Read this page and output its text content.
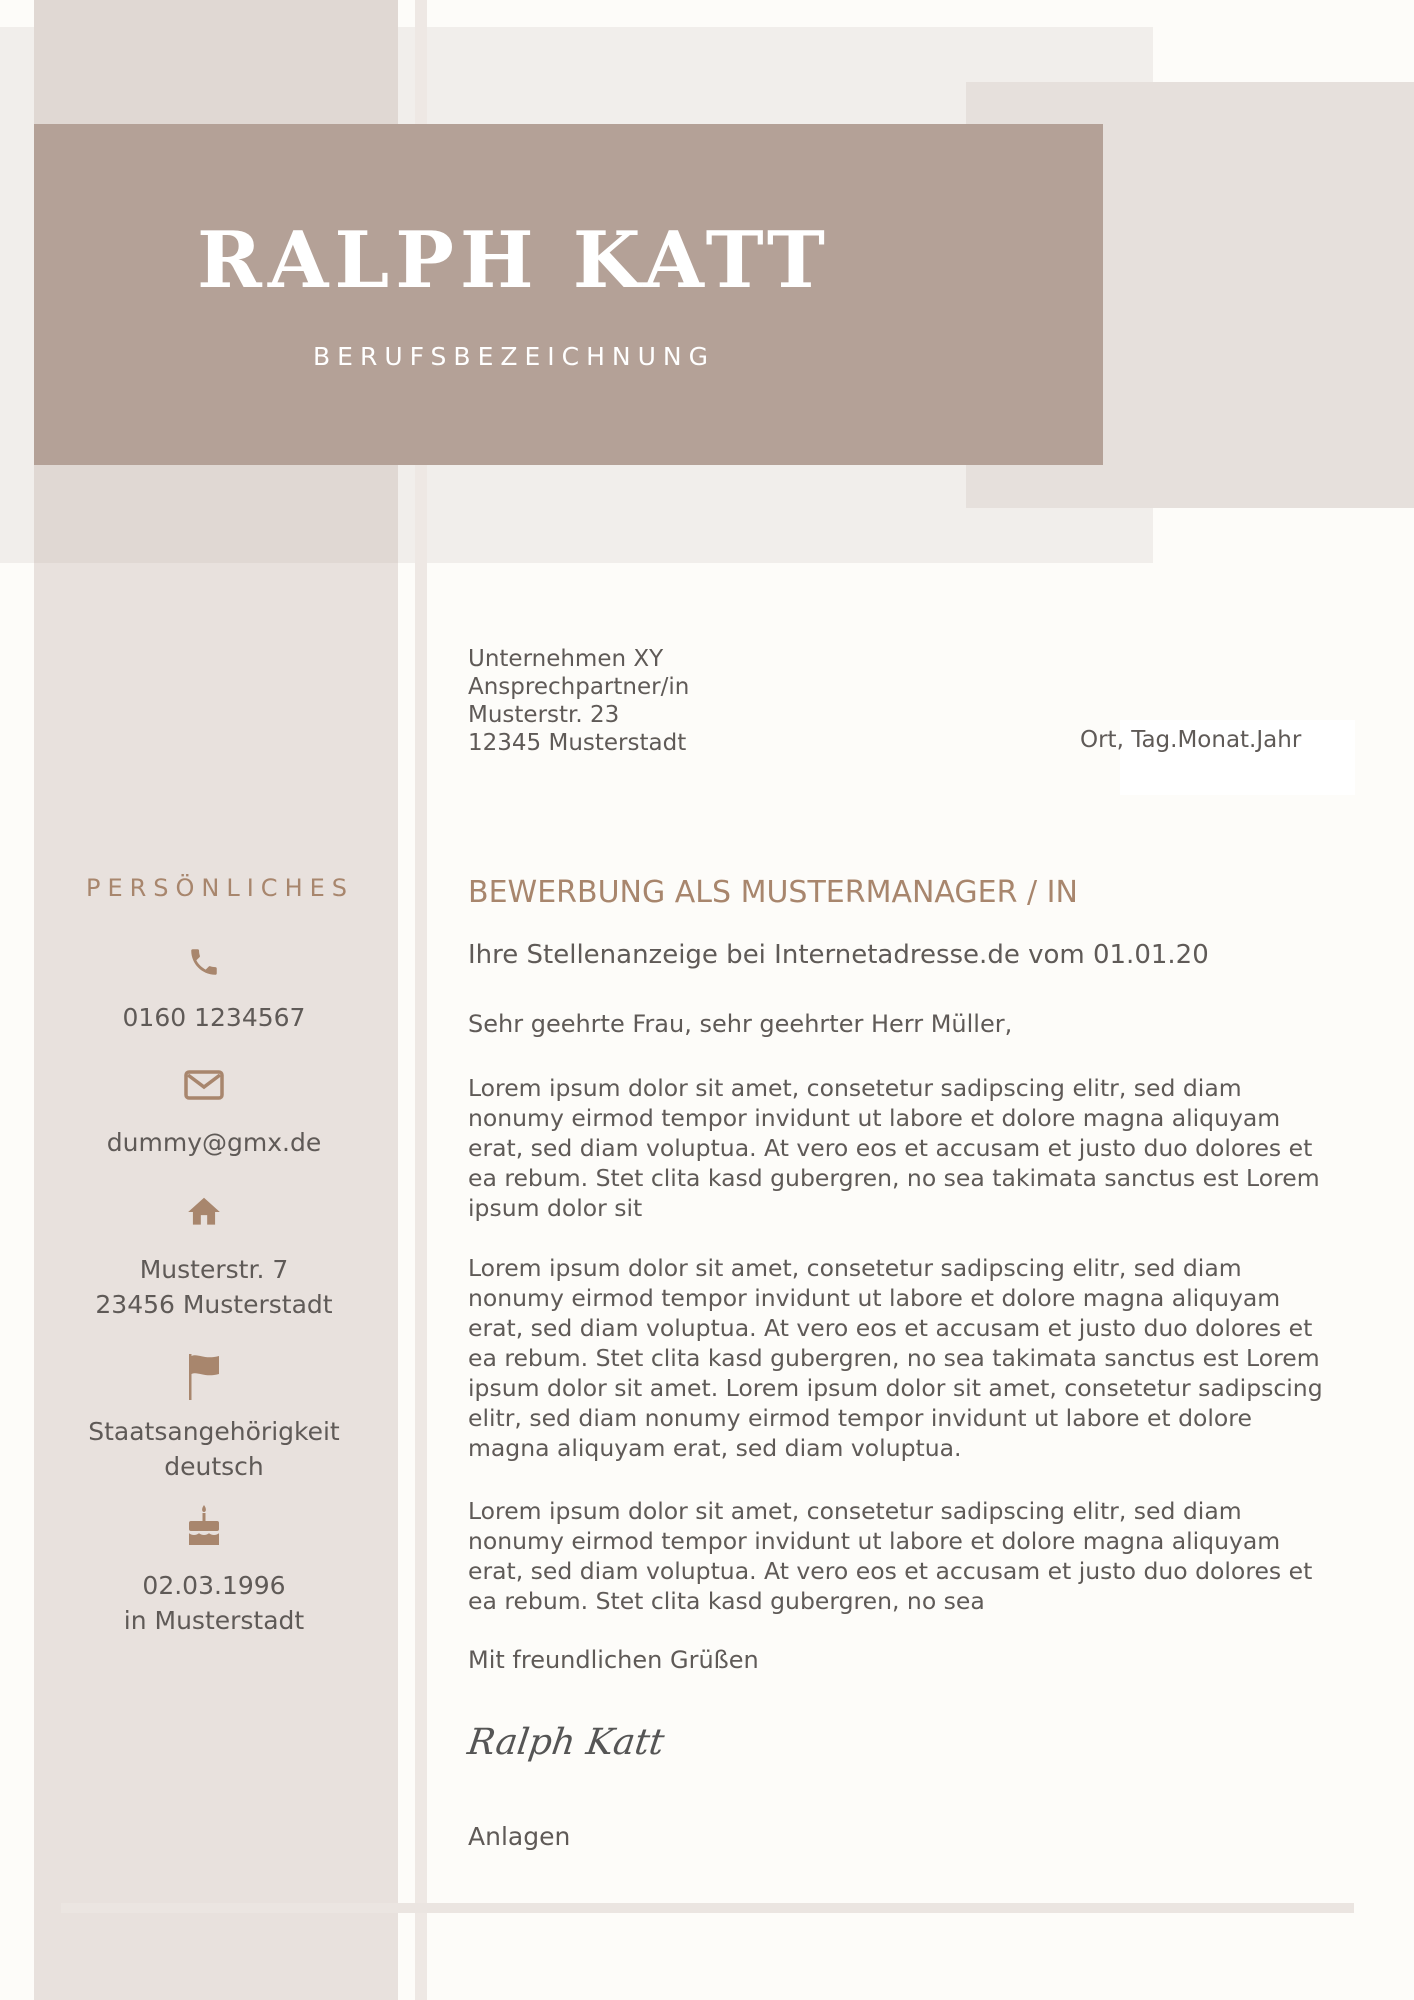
RALPH KATT
BERUFSBEZEICHNUNG
PERSÖNLICHES
0160 1234567
dummy@gmx.de
Musterstr. 7
23456 Musterstadt
Staatsangehörigkeit
deutsch
02.03.1996
in Musterstadt
Unternehmen XY
Ansprechpartner/in
Musterstr. 23
12345 Musterstadt	Ort, Tag.Monat.Jahr
BEWERBUNG ALS MUSTERMANAGER / IN
Ihre Stellenanzeige bei Internetadresse.de vom 01.01.20
Sehr geehrte Frau, sehr geehrter Herr Müller,
Lorem ipsum dolor sit amet, consetetur sadipscing elitr, sed diam
nonumy eirmod tempor invidunt ut labore et dolore magna aliquyam
erat, sed diam voluptua. At vero eos et accusam et justo duo dolores et
ea rebum. Stet clita kasd gubergren, no sea takimata sanctus est Lorem
ipsum dolor sit
Lorem ipsum dolor sit amet, consetetur sadipscing elitr, sed diam
nonumy eirmod tempor invidunt ut labore et dolore magna aliquyam
erat, sed diam voluptua. At vero eos et accusam et justo duo dolores et
ea rebum. Stet clita kasd gubergren, no sea takimata sanctus est Lorem
ipsum dolor sit amet. Lorem ipsum dolor sit amet, consetetur sadipscing
elitr, sed diam nonumy eirmod tempor invidunt ut labore et dolore
magna aliquyam erat, sed diam voluptua.
Lorem ipsum dolor sit amet, consetetur sadipscing elitr, sed diam
nonumy eirmod tempor invidunt ut labore et dolore magna aliquyam
erat, sed diam voluptua. At vero eos et accusam et justo duo dolores et
ea rebum. Stet clita kasd gubergren, no sea
Mit freundlichen Grüßen
Ralph Katt
Anlagen
